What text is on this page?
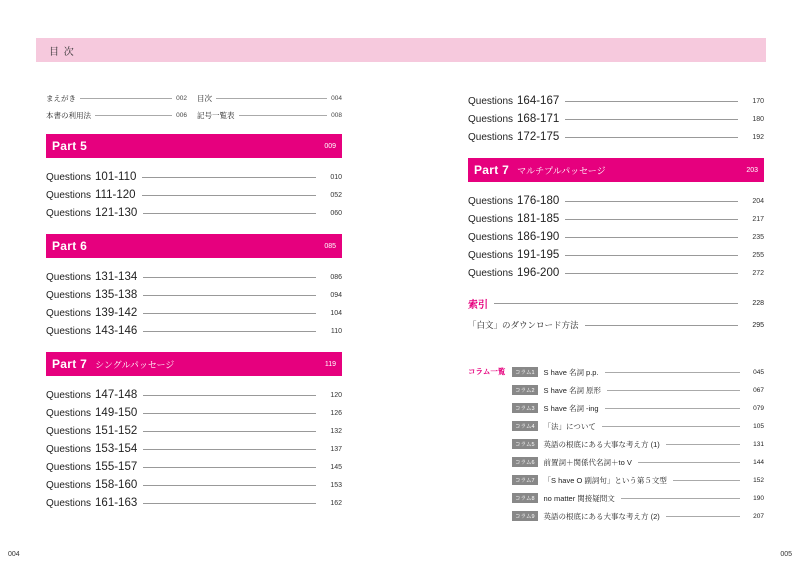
目 次
まえがき	002 目次	004
本書の利用法	006 記号一覧表	008
Part 5	009
Questions 101-110	010
Questions 111-120	052
Questions 121-130	060
Part 6	085
Questions 131-134	086
Questions 135-138	094
Questions 139-142	104
Questions 143-146	110
Part 7 シングルパッセージ	119
Questions 147-148	120
Questions 149-150	126
Questions 151-152	132
Questions 153-154	137
Questions 155-157	145
Questions 158-160	153
Questions 161-163	162
Questions 164-167	170
Questions 168-171	180
Questions 172-175	192
Part 7 マルチプルパッセージ	203
Questions 176-180	204
Questions 181-185	217
Questions 186-190	235
Questions 191-195	255
Questions 196-200	272
索引	228
「白文」のダウンロード方法	295
コラム一覧	コラム1	S have 名詞 p.p.	045
コラム2	S have 名詞 原形	067
コラム3	S have 名詞 -ing	079
コラム4	「法」について	105
コラム5	英語の根底にある大事な考え方 (1)	131
コラム6	前置詞＋関係代名詞＋to V	144
コラム7	「S have O 副詞句」という第５文型	152
コラム8	no matter 関接疑問文	190
コラム9	英語の根底にある大事な考え方 (2)	207
004	005
